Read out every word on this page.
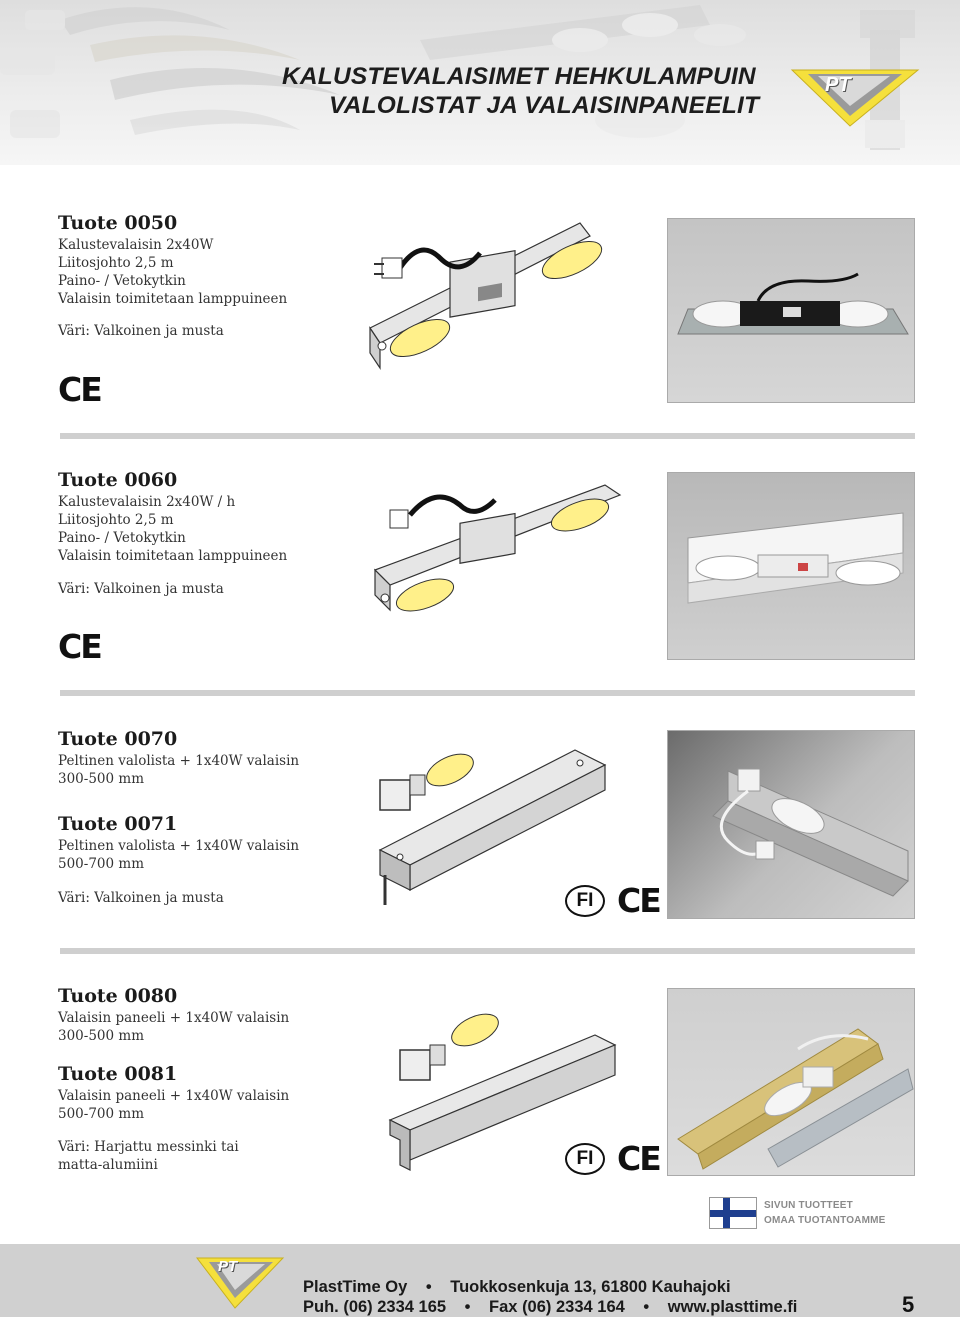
KALUSTEVALAISIMET HEHKULAMPUIN
VALOLISTAT JA VALAISINPANEELIT
PT
Tuote 0050
Kalustevalaisin 2x40W
Liitosjohto 2,5 m
Paino- / Vetokytkin
Valaisin toimitetaan lamppuineen
Väri: Valkoinen ja musta
CE
Tuote 0060
Kalustevalaisin 2x40W / h
Liitosjohto 2,5 m
Paino- / Vetokytkin
Valaisin toimitetaan lamppuineen
Väri: Valkoinen ja musta
CE
Tuote 0070
Peltinen valolista + 1x40W valaisin
300-500 mm
Tuote 0071
Peltinen valolista + 1x40W valaisin
500-700 mm
Väri: Valkoinen ja musta	FI CE
Tuote 0080
Valaisin paneeli + 1x40W valaisin
300-500 mm
Tuote 0081
Valaisin paneeli + 1x40W valaisin
500-700 mm
Väri: Harjattu messinki tai
matta-alumiini	FI CE
SIVUN TUOTTEET
OMAA TUOTANTOAMME
PT
PlastTime Oy • Tuokkosenkuja 13, 61800 Kauhajoki
Puh. (06) 2334 165 • Fax (06) 2334 164 • www.plasttime.fi	5
